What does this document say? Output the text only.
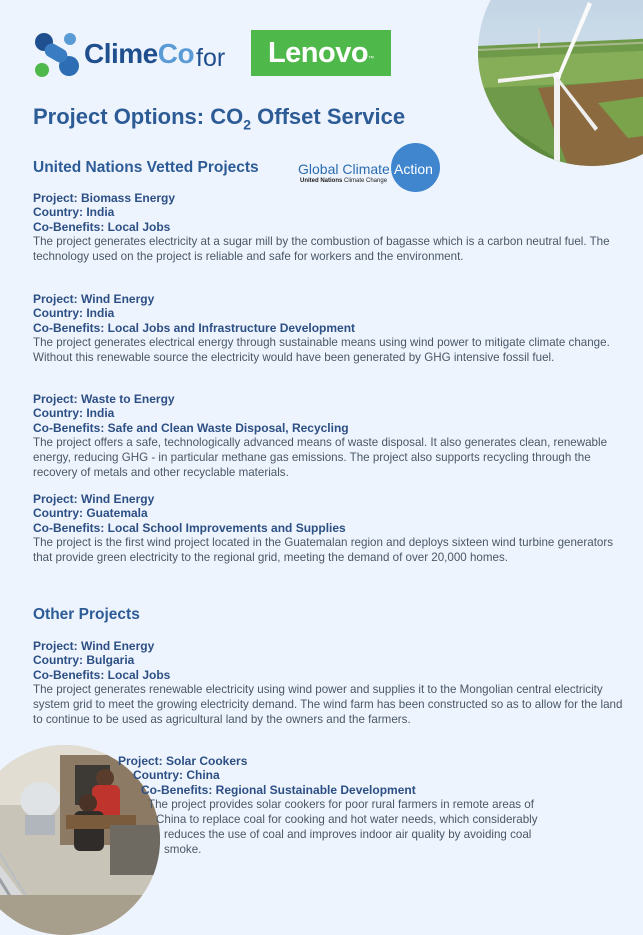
ClimeCo for Lenovo ™
Project Options: $CO_2$ Offset Service
United Nations Vetted Projects	Global Climate Action
United Nations Climate Change
Project: Biomass Energy
Country: India
Co-Benefits: Local Jobs
The project generates electricity at a sugar mill by the combustion of bagasse which is a carbon neutral fuel. The technology used on the project is reliable and safe for workers and the environment.
Project: Wind Energy
Country: India
Co-Benefits: Local Jobs and Infrastructure Development
The project generates electrical energy through sustainable means using wind power to mitigate climate change. Without this renewable source the electricity would have been generated by GHG intensive fossil fuel.
Project: Waste to Energy
Country: India
Co-Benefits: Safe and Clean Waste Disposal, Recycling
The project offers a safe, technologically advanced means of waste disposal. It also generates clean, renewable energy, reducing GHG - in particular methane gas emissions. The project also supports recycling through the recovery of metals and other recyclable materials.
Project: Wind Energy
Country: Guatemala
Co-Benefits: Local School Improvements and Supplies
The project is the first wind project located in the Guatemalan region and deploys sixteen wind turbine generators that provide green electricity to the regional grid, meeting the demand of over 20,000 homes.
Other Projects
Project: Wind Energy
Country: Bulgaria
Co-Benefits: Local Jobs
The project generates renewable electricity using wind power and supplies it to the Mongolian central electricity system grid to meet the growing electricity demand. The wind farm has been constructed so as to allow for the land to continue to be used as agricultural land by the owners and the farmers.
Project: Solar Cookers
Country: China
Co-Benefits: Regional Sustainable Development
The project provides solar cookers for poor rural farmers in remote areas of
China to replace coal for cooking and hot water needs, which considerably
reduces the use of coal and improves indoor air quality by avoiding coal
smoke.
